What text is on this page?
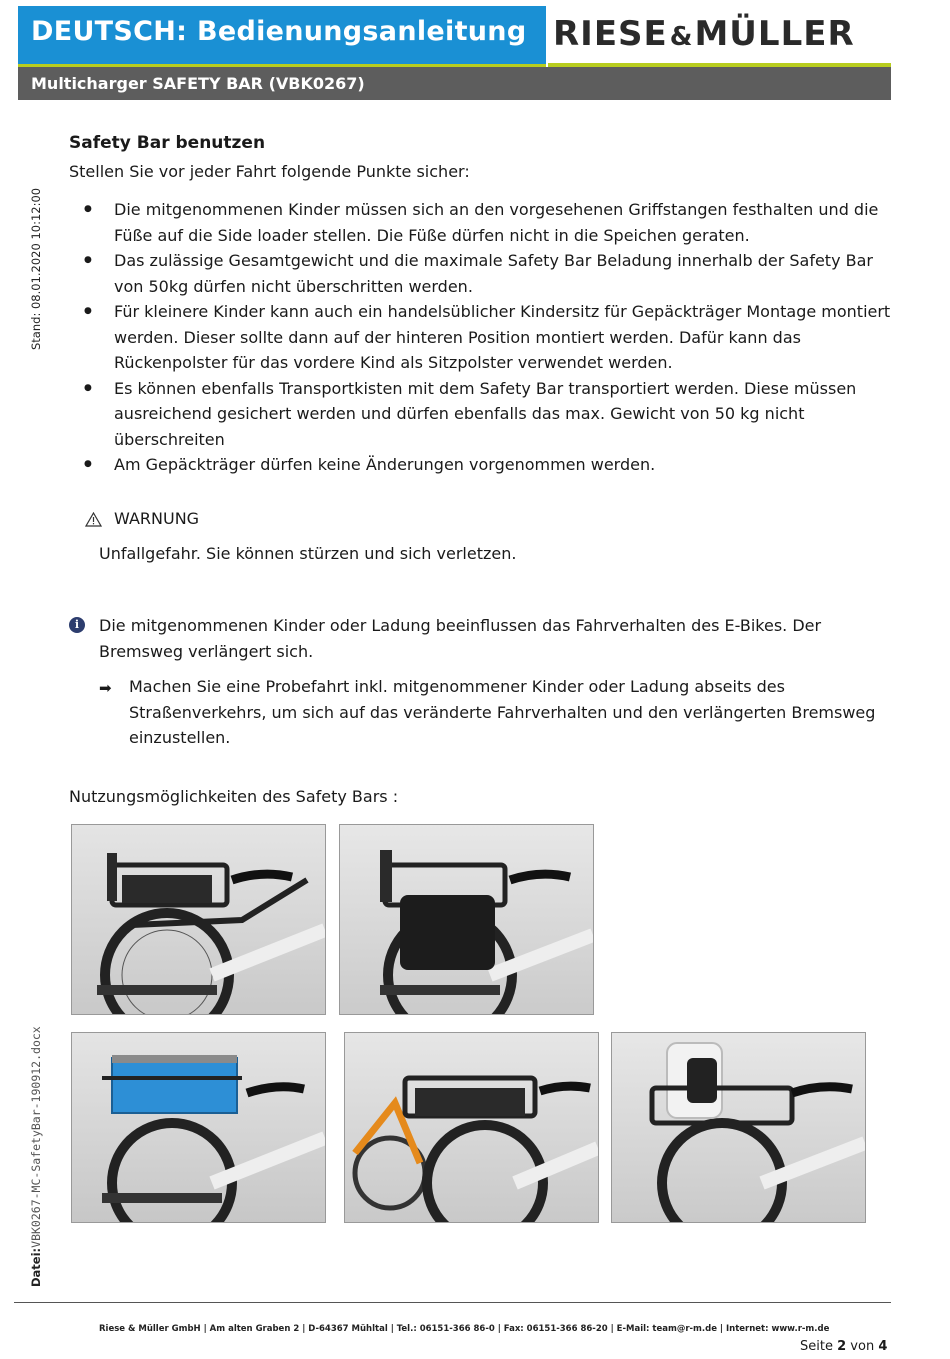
DEUTSCH: Bedienungsanleitung RIESE&MÜLLER
Multicharger SAFETY BAR (VBK0267)
Stand: 08.01.2020 10:12:00
Datei:VBK0267-MC-SafetyBar-190912.docx
Safety Bar benutzen
Stellen Sie vor jeder Fahrt folgende Punkte sicher:
● Die mitgenommenen Kinder müssen sich an den vorgesehenen Griffstangen festhalten und die Füße auf die Side loader stellen. Die Füße dürfen nicht in die Speichen geraten.
● Das zulässige Gesamtgewicht und die maximale Safety Bar Beladung innerhalb der Safety Bar von 50kg dürfen nicht überschritten werden.
● Für kleinere Kinder kann auch ein handelsüblicher Kindersitz für Gepäckträger Montage montiert werden. Dieser sollte dann auf der hinteren Position montiert werden. Dafür kann das Rückenpolster für das vordere Kind als Sitzpolster verwendet werden.
● Es können ebenfalls Transportkisten mit dem Safety Bar transportiert werden. Diese müssen ausreichend gesichert werden und dürfen ebenfalls das max. Gewicht von 50 kg nicht überschreiten
● Am Gepäckträger dürfen keine Änderungen vorgenommen werden.
WARNUNG
Unfallgefahr. Sie können stürzen und sich verletzen.
i	Die mitgenommenen Kinder oder Ladung beeinflussen das Fahrverhalten des E-Bikes. Der Bremsweg verlängert sich.
➡ Machen Sie eine Probefahrt inkl. mitgenommener Kinder oder Ladung abseits des Straßenverkehrs, um sich auf das veränderte Fahrverhalten und den verlängerten Bremsweg einzustellen.
Nutzungsmöglichkeiten des Safety Bars :
Riese & Müller GmbH | Am alten Graben 2 | D-64367 Mühltal | Tel.: 06151-366 86-0 | Fax: 06151-366 86-20 | E-Mail: team@r-m.de | Internet: www.r-m.de
Seite 2 von 4
